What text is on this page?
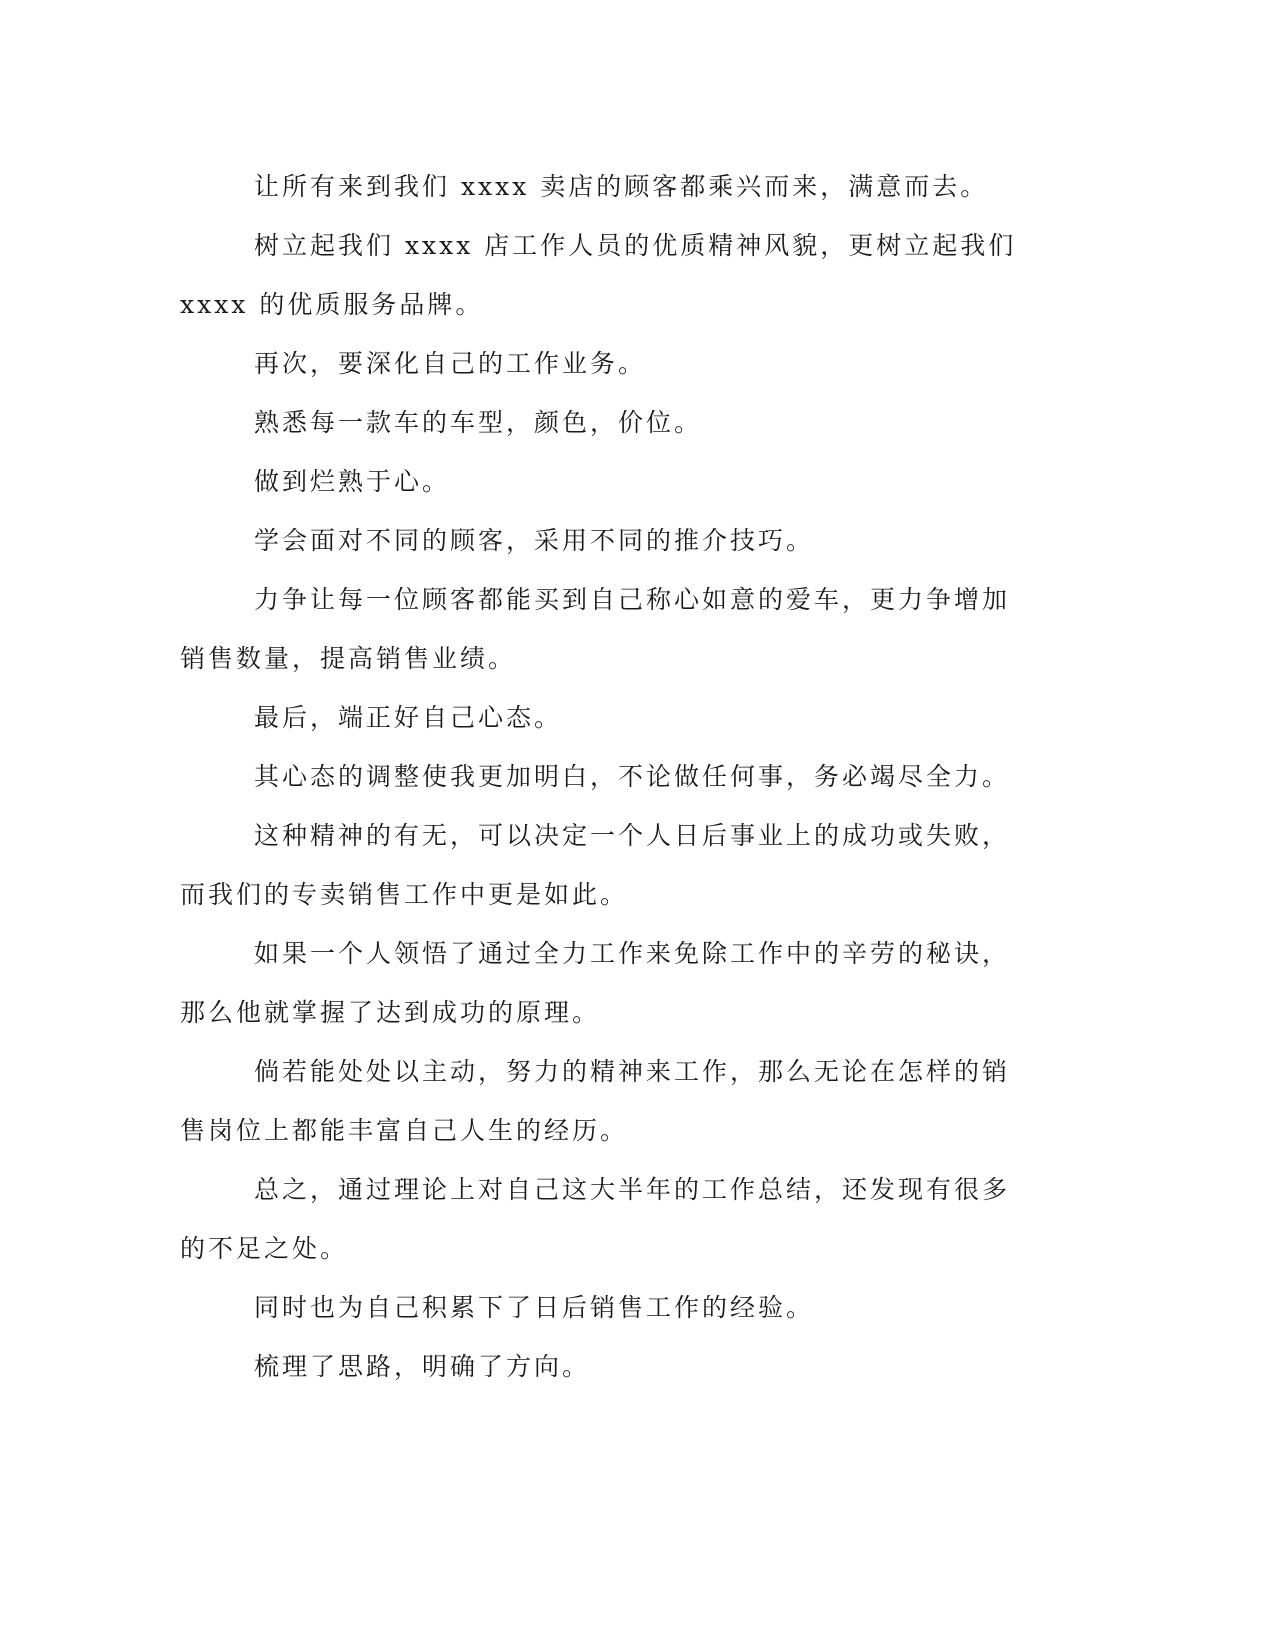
让所有来到我们 xxxx 卖店的顾客都乘兴而来，满意而去。

树立起我们 xxxx 店工作人员的优质精神风貌，更树立起我们 xxxx 的优质服务品牌。

再次，要深化自己的工作业务。

熟悉每一款车的车型，颜色，价位。

做到烂熟于心。

学会面对不同的顾客，采用不同的推介技巧。

力争让每一位顾客都能买到自己称心如意的爱车，更力争增加销售数量，提高销售业绩。

最后，端正好自己心态。

其心态的调整使我更加明白，不论做任何事，务必竭尽全力。

这种精神的有无，可以决定一个人日后事业上的成功或失败，而我们的专卖销售工作中更是如此。

如果一个人领悟了通过全力工作来免除工作中的辛劳的秘诀，那么他就掌握了达到成功的原理。

倘若能处处以主动，努力的精神来工作，那么无论在怎样的销售岗位上都能丰富自己人生的经历。

总之，通过理论上对自己这大半年的工作总结，还发现有很多的不足之处。

同时也为自己积累下了日后销售工作的经验。

梳理了思路，明确了方向。
